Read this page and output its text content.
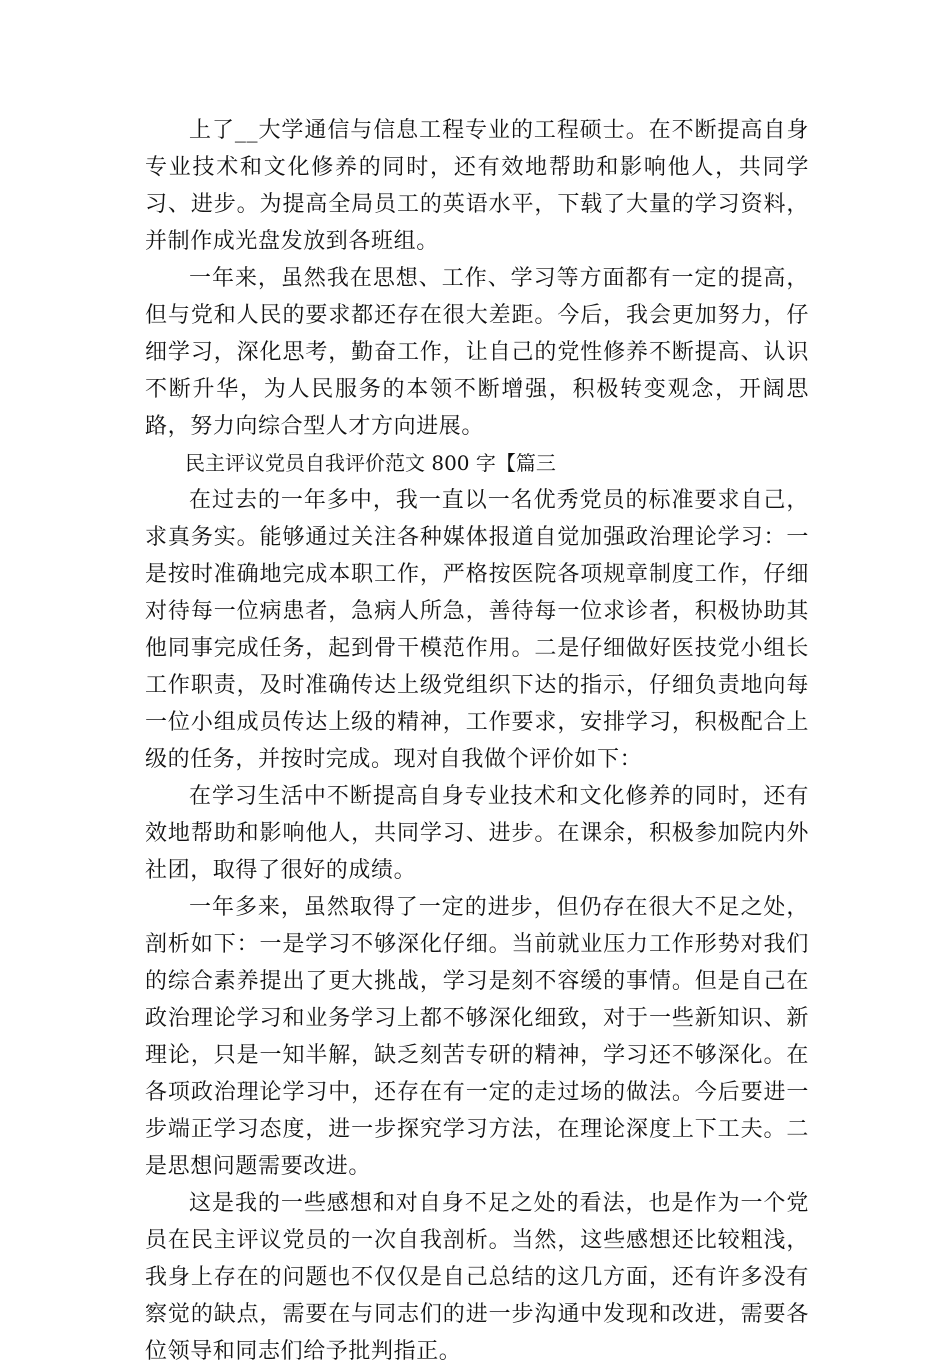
上了__大学通信与信息工程专业的工程硕士。在不断提高自身专业技术和文化修养的同时，还有效地帮助和影响他人，共同学习、进步。为提高全局员工的英语水平，下载了大量的学习资料，并制作成光盘发放到各班组。

一年来，虽然我在思想、工作、学习等方面都有一定的提高，但与党和人民的要求都还存在很大差距。今后，我会更加努力，仔细学习，深化思考，勤奋工作，让自己的党性修养不断提高、认识不断升华，为人民服务的本领不断增强，积极转变观念，开阔思路，努力向综合型人才方向进展。

民主评议党员自我评价范文 800 字【篇三

在过去的一年多中，我一直以一名优秀党员的标准要求自己，求真务实。能够通过关注各种媒体报道自觉加强政治理论学习：一是按时准确地完成本职工作，严格按医院各项规章制度工作，仔细对待每一位病患者，急病人所急，善待每一位求诊者，积极协助其他同事完成任务，起到骨干模范作用。二是仔细做好医技党小组长工作职责，及时准确传达上级党组织下达的指示，仔细负责地向每一位小组成员传达上级的精神，工作要求，安排学习，积极配合上级的任务，并按时完成。现对自我做个评价如下：

在学习生活中不断提高自身专业技术和文化修养的同时，还有效地帮助和影响他人，共同学习、进步。在课余，积极参加院内外社团，取得了很好的成绩。

一年多来，虽然取得了一定的进步，但仍存在很大不足之处，剖析如下：一是学习不够深化仔细。当前就业压力工作形势对我们的综合素养提出了更大挑战，学习是刻不容缓的事情。但是自己在政治理论学习和业务学习上都不够深化细致，对于一些新知识、新理论，只是一知半解，缺乏刻苦专研的精神，学习还不够深化。在各项政治理论学习中，还存在有一定的走过场的做法。今后要进一步端正学习态度，进一步探究学习方法，在理论深度上下工夫。二是思想问题需要改进。

这是我的一些感想和对自身不足之处的看法，也是作为一个党员在民主评议党员的一次自我剖析。当然，这些感想还比较粗浅，我身上存在的问题也不仅仅是自己总结的这几方面，还有许多没有察觉的缺点，需要在与同志们的进一步沟通中发现和改进，需要各位领导和同志们给予批判指正。
